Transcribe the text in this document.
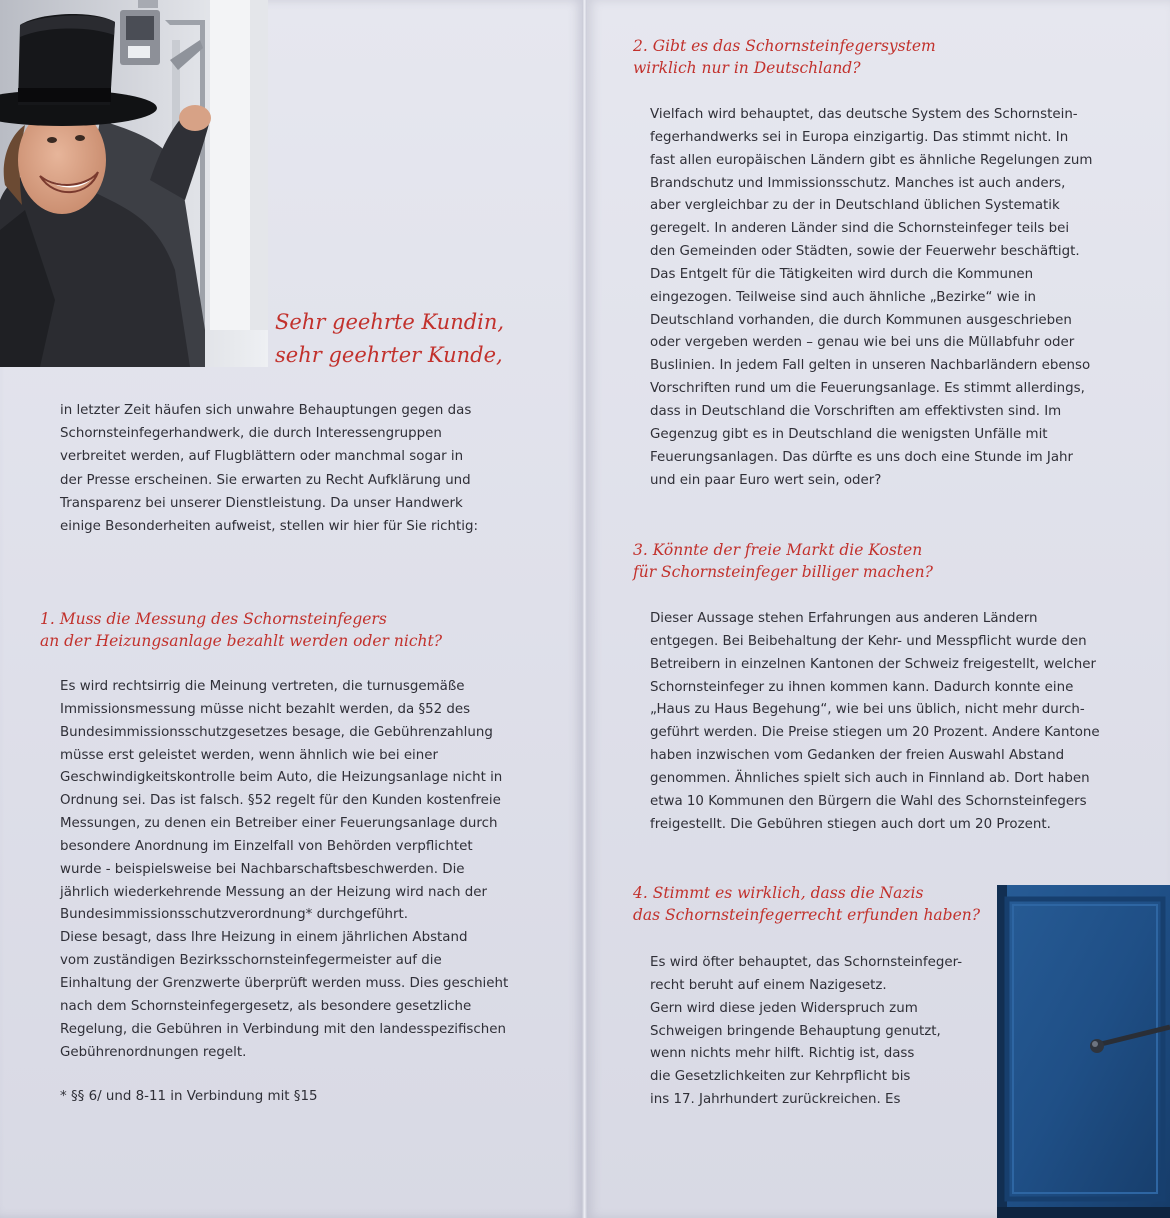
Sehr geehrte Kundin,
sehr geehrter Kunde,

in letzter Zeit häufen sich unwahre Behauptungen gegen das
Schornsteinfegerhandwerk, die durch Interessengruppen
verbreitet werden, auf Flugblättern oder manchmal sogar in
der Presse erscheinen. Sie erwarten zu Recht Aufklärung und
Transparenz bei unserer Dienstleistung. Da unser Handwerk
einige Besonderheiten aufweist, stellen wir hier für Sie richtig:

1. Muss die Messung des Schornsteinfegers
an der Heizungsanlage bezahlt werden oder nicht?

Es wird rechtsirrig die Meinung vertreten, die turnusgemäße
Immissionsmessung müsse nicht bezahlt werden, da §52 des
Bundesimmissionsschutzgesetzes besage, die Gebührenzahlung
müsse erst geleistet werden, wenn ähnlich wie bei einer
Geschwindigkeitskontrolle beim Auto, die Heizungsanlage nicht in
Ordnung sei. Das ist falsch. §52 regelt für den Kunden kostenfreie
Messungen, zu denen ein Betreiber einer Feuerungsanlage durch
besondere Anordnung im Einzelfall von Behörden verpflichtet
wurde - beispielsweise bei Nachbarschaftsbeschwerden. Die
jährlich wiederkehrende Messung an der Heizung wird nach der
Bundesimmissionsschutzverordnung* durchgeführt.
Diese besagt, dass Ihre Heizung in einem jährlichen Abstand
vom zuständigen Bezirksschornsteinfegermeister auf die
Einhaltung der Grenzwerte überprüft werden muss. Dies geschieht
nach dem Schornsteinfegergesetz, als besondere gesetzliche
Regelung, die Gebühren in Verbindung mit den landesspezifischen
Gebührenordnungen regelt.

* §§ 6/ und 8-11 in Verbindung mit §15

2. Gibt es das Schornsteinfegersystem
wirklich nur in Deutschland?

Vielfach wird behauptet, das deutsche System des Schornstein-
fegerhandwerks sei in Europa einzigartig. Das stimmt nicht. In
fast allen europäischen Ländern gibt es ähnliche Regelungen zum
Brandschutz und Immissionsschutz. Manches ist auch anders,
aber vergleichbar zu der in Deutschland üblichen Systematik
geregelt. In anderen Länder sind die Schornsteinfeger teils bei
den Gemeinden oder Städten, sowie der Feuerwehr beschäftigt.
Das Entgelt für die Tätigkeiten wird durch die Kommunen
eingezogen. Teilweise sind auch ähnliche „Bezirke“ wie in
Deutschland vorhanden, die durch Kommunen ausgeschrieben
oder vergeben werden – genau wie bei uns die Müllabfuhr oder
Buslinien. In jedem Fall gelten in unseren Nachbarländern ebenso
Vorschriften rund um die Feuerungsanlage. Es stimmt allerdings,
dass in Deutschland die Vorschriften am effektivsten sind. Im
Gegenzug gibt es in Deutschland die wenigsten Unfälle mit
Feuerungsanlagen. Das dürfte es uns doch eine Stunde im Jahr
und ein paar Euro wert sein, oder?

3. Könnte der freie Markt die Kosten
für Schornsteinfeger billiger machen?

Dieser Aussage stehen Erfahrungen aus anderen Ländern
entgegen. Bei Beibehaltung der Kehr- und Messpflicht wurde den
Betreibern in einzelnen Kantonen der Schweiz freigestellt, welcher
Schornsteinfeger zu ihnen kommen kann. Dadurch konnte eine
„Haus zu Haus Begehung“, wie bei uns üblich, nicht mehr durch-
geführt werden. Die Preise stiegen um 20 Prozent. Andere Kantone
haben inzwischen vom Gedanken der freien Auswahl Abstand
genommen. Ähnliches spielt sich auch in Finnland ab. Dort haben
etwa 10 Kommunen den Bürgern die Wahl des Schornsteinfegers
freigestellt. Die Gebühren stiegen auch dort um 20 Prozent.

4. Stimmt es wirklich, dass die Nazis
das Schornsteinfegerrecht erfunden haben?

Es wird öfter behauptet, das Schornsteinfeger-
recht beruht auf einem Nazigesetz.
Gern wird diese jeden Widerspruch zum
Schweigen bringende Behauptung genutzt,
wenn nichts mehr hilft. Richtig ist, dass
die Gesetzlichkeiten zur Kehrpflicht bis
ins 17. Jahrhundert zurückreichen. Es
